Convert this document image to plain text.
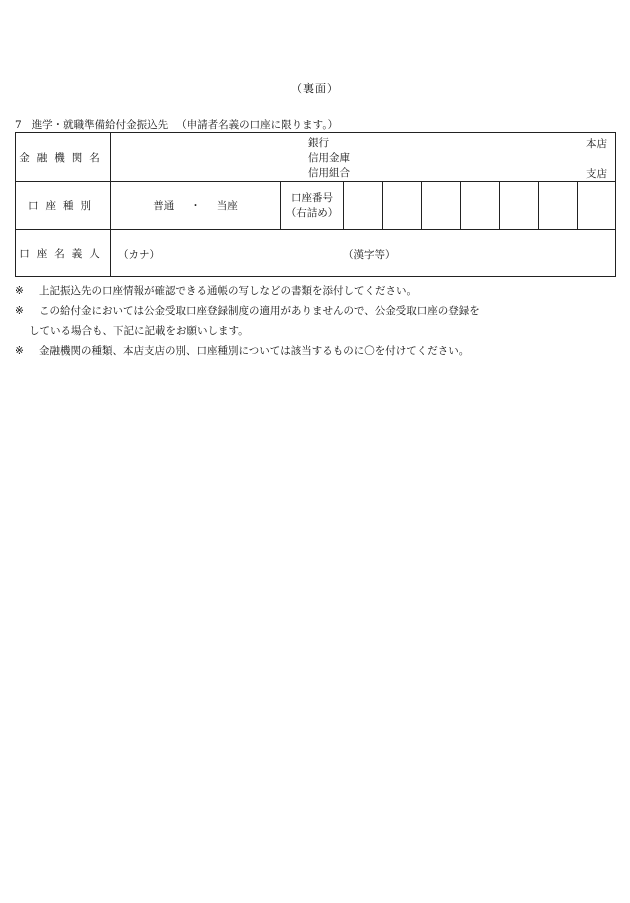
（裏面）
7 進学・就職準備給付金振込先 （申請者名義の口座に限ります。）
金融機関名	銀行
信用金庫
信用組合
本店
支店								

口座種別	普通 ・ 当座	口座番号
（右詰め）							

口座名義人	（カナ） （漢字等）								
※	上記振込先の口座情報が確認できる通帳の写しなどの書類を添付してください。
※	この給付金においては公金受取口座登録制度の適用がありませんので、公金受取口座の登録を
している場合も、下記に記載をお願いします。
※	金融機関の種類、本店支店の別、口座種別については該当するものに〇を付けてください。
